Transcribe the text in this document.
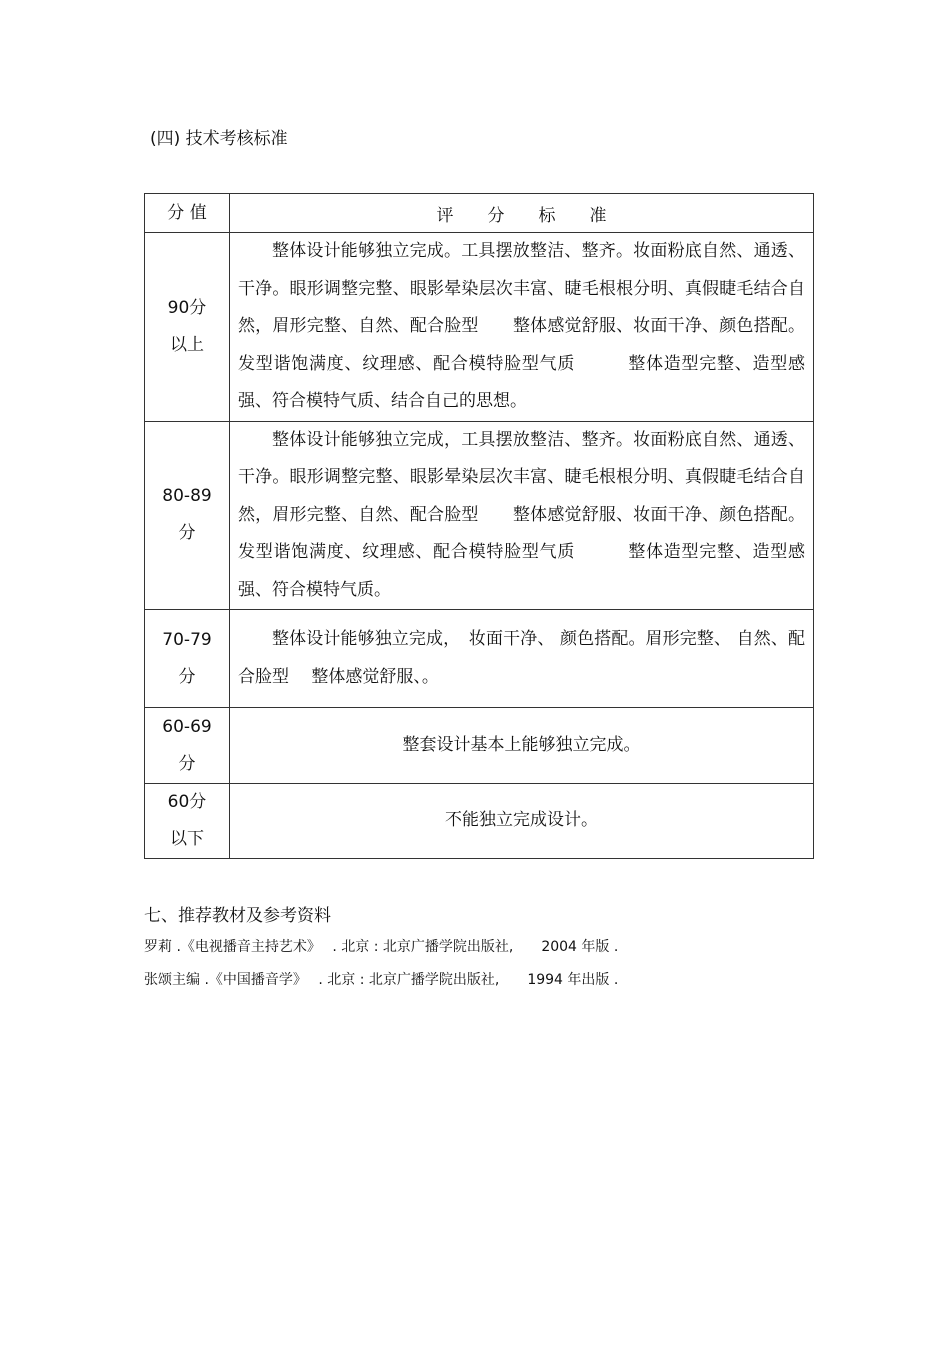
(四) 技术考核标准
分 值	评　　分　　标　　准

90分
以上	整体设计能够独立完成。工具摆放整洁、整齐。妆面粉底自然、通透、干净。眼形调整完整、眼影晕染层次丰富、睫毛根根分明、真假睫毛结合自然，眉形完整、自然、配合脸型　　整体感觉舒服、妆面干净、颜色搭配。发型谐饱满度、纹理感、配合模特脸型气质　　　整体造型完整、造型感强、符合模特气质、结合自己的思想。

80-89
分	整体设计能够独立完成，工具摆放整洁、整齐。妆面粉底自然、通透、干净。眼形调整完整、眼影晕染层次丰富、睫毛根根分明、真假睫毛结合自然，眉形完整、自然、配合脸型　　整体感觉舒服、妆面干净、颜色搭配。发型谐饱满度、纹理感、配合模特脸型气质　　　整体造型完整、造型感强、符合模特气质。

70-79
分	整体设计能够独立完成，　妆面干净、 颜色搭配。眉形完整、 自然、配合脸型　 整体感觉舒服、。

60-69
分	整套设计基本上能够独立完成。

60分
以下	不能独立完成设计。
七、推荐教材及参考资料
罗莉 .《电视播音主持艺术》　 . 北京 : 北京广播学院出版社,　　2004 年版 .
张颂主编 .《中国播音学》　 . 北京 : 北京广播学院出版社,　　1994 年出版 .
